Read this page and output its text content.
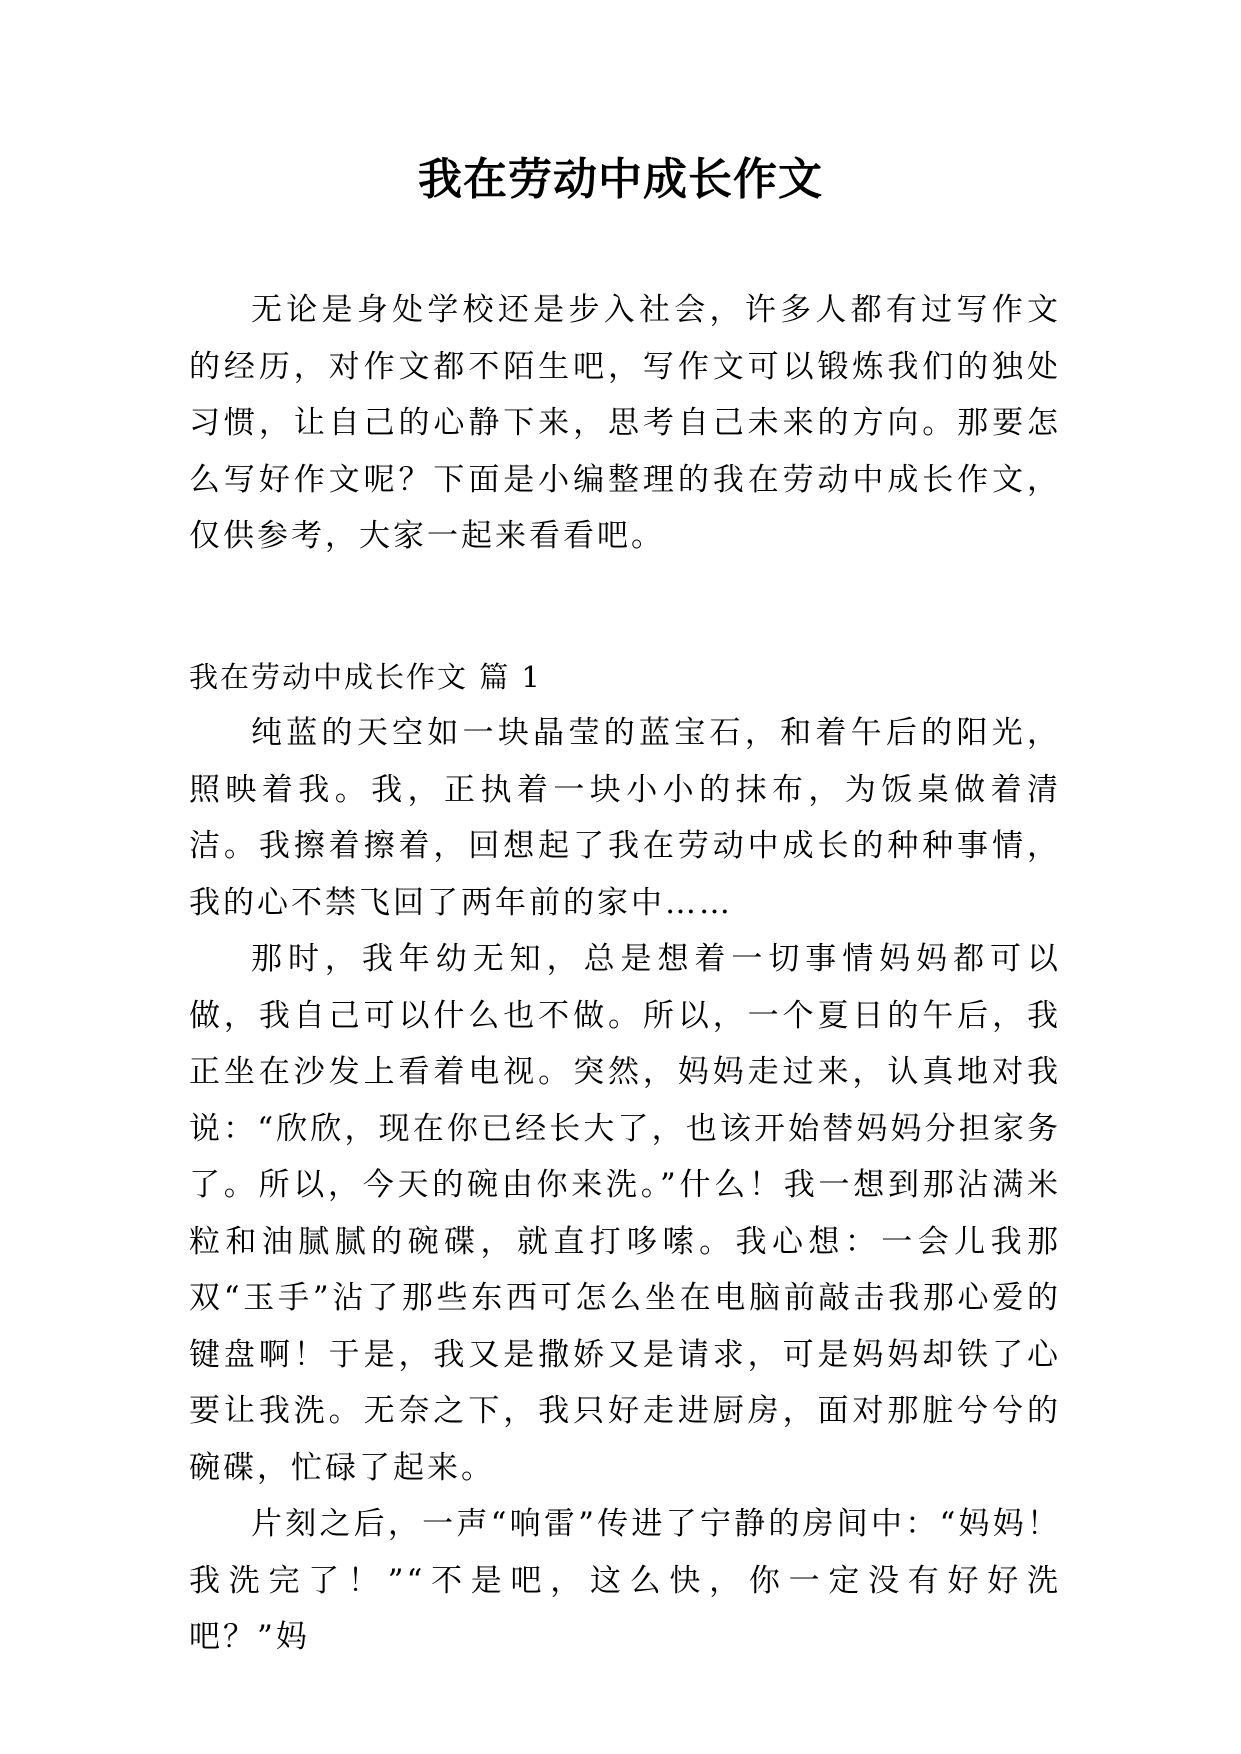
我在劳动中成长作文

无论是身处学校还是步入社会，许多人都有过写作文的经历，对作文都不陌生吧，写作文可以锻炼我们的独处习惯，让自己的心静下来，思考自己未来的方向。那要怎么写好作文呢？下面是小编整理的我在劳动中成长作文，仅供参考，大家一起来看看吧。

我在劳动中成长作文 篇 1

纯蓝的天空如一块晶莹的蓝宝石，和着午后的阳光，照映着我。我，正执着一块小小的抹布，为饭桌做着清洁。我擦着擦着，回想起了我在劳动中成长的种种事情，我的心不禁飞回了两年前的家中……

那时，我年幼无知，总是想着一切事情妈妈都可以做，我自己可以什么也不做。所以，一个夏日的午后，我正坐在沙发上看着电视。突然，妈妈走过来，认真地对我说：“欣欣，现在你已经长大了，也该开始替妈妈分担家务了。所以，今天的碗由你来洗。”什么！我一想到那沾满米粒和油腻腻的碗碟，就直打哆嗦。我心想：一会儿我那双“玉手”沾了那些东西可怎么坐在电脑前敲击我那心爱的键盘啊！于是，我又是撒娇又是请求，可是妈妈却铁了心要让我洗。无奈之下，我只好走进厨房，面对那脏兮兮的碗碟，忙碌了起来。

片刻之后，一声“响雷”传进了宁静的房间中：“妈妈！我洗完了！”“不是吧，这么快，你一定没有好好洗吧？”妈
